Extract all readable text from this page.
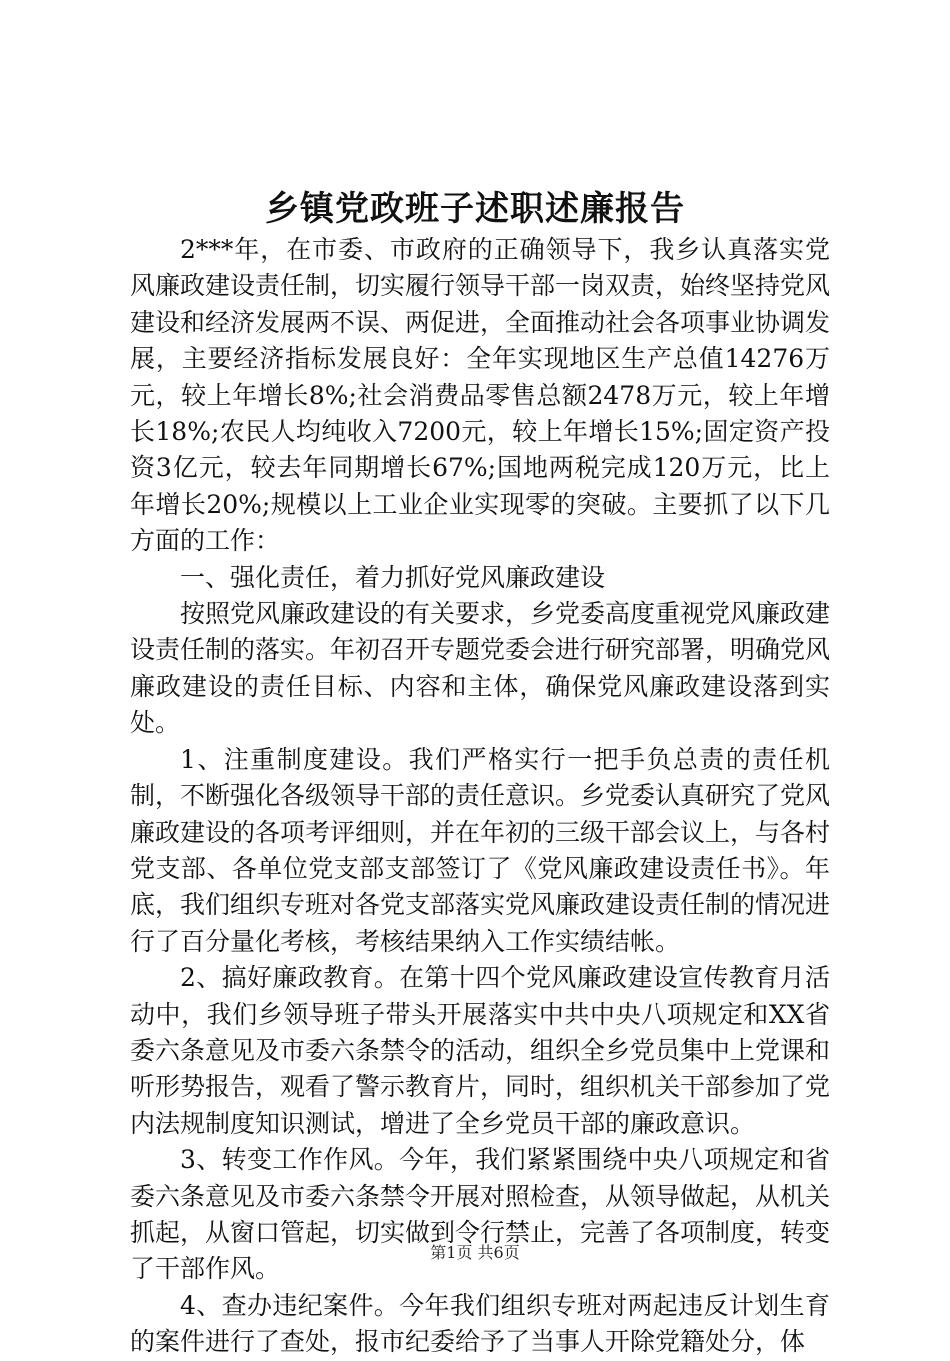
乡镇党政班子述职述廉报告

2***年，在市委、市政府的正确领导下，我乡认真落实党风廉政建设责任制，切实履行领导干部一岗双责，始终坚持党风建设和经济发展两不误、两促进，全面推动社会各项事业协调发展，主要经济指标发展良好：全年实现地区生产总值14276万元，较上年增长8%;社会消费品零售总额2478万元，较上年增长18%;农民人均纯收入7200元，较上年增长15%;固定资产投资3亿元，较去年同期增长67%;国地两税完成120万元，比上年增长20%;规模以上工业企业实现零的突破。主要抓了以下几方面的工作：

一、强化责任，着力抓好党风廉政建设

按照党风廉政建设的有关要求，乡党委高度重视党风廉政建设责任制的落实。年初召开专题党委会进行研究部署，明确党风廉政建设的责任目标、内容和主体，确保党风廉政建设落到实处。

1、注重制度建设。我们严格实行一把手负总责的责任机制，不断强化各级领导干部的责任意识。乡党委认真研究了党风廉政建设的各项考评细则，并在年初的三级干部会议上，与各村党支部、各单位党支部支部签订了《党风廉政建设责任书》。年底，我们组织专班对各党支部落实党风廉政建设责任制的情况进行了百分量化考核，考核结果纳入工作实绩结帐。

2、搞好廉政教育。在第十四个党风廉政建设宣传教育月活动中，我们乡领导班子带头开展落实中共中央八项规定和XX省委六条意见及市委六条禁令的活动，组织全乡党员集中上党课和听形势报告，观看了警示教育片，同时，组织机关干部参加了党内法规制度知识测试，增进了全乡党员干部的廉政意识。

3、转变工作作风。今年，我们紧紧围绕中央八项规定和省委六条意见及市委六条禁令开展对照检查，从领导做起，从机关抓起，从窗口管起，切实做到令行禁止，完善了各项制度，转变了干部作风。

4、查办违纪案件。今年我们组织专班对两起违反计划生育的案件进行了查处，报市纪委给予了当事人开除党籍处分，体

第1页 共6页
